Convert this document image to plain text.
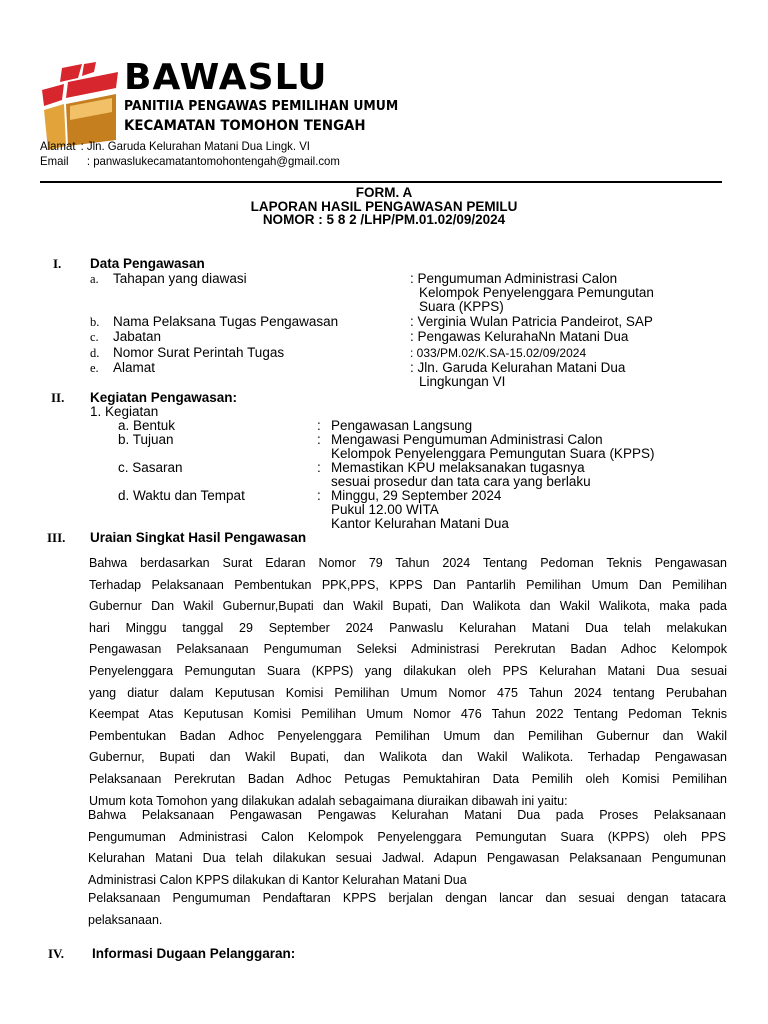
BAWASLU
PANITIIA PENGAWAS PEMILIHAN UMUM
KECAMATAN TOMOHON TENGAH
Alamat : Jln. Garuda Kelurahan Matani Dua Lingk. VI
Email : panwaslukecamatantomohontengah@gmail.com
FORM. A
LAPORAN HASIL PENGAWASAN PEMILU
NOMOR : 5 8 2 /LHP/PM.01.02/09/2024
I. Data Pengawasan
a. Tahapan yang diawasi	: Pengumuman Administrasi Calon
Kelompok Penyelenggara Pemungutan
Suara (KPPS)
b. Nama Pelaksana Tugas Pengawasan	: Verginia Wulan Patricia Pandeirot, SAP
c. Jabatan	: Pengawas KelurahaNn Matani Dua
d. Nomor Surat Perintah Tugas	: 033/PM.02/K.SA-15.02/09/2024
e. Alamat	: Jln. Garuda Kelurahan Matani Dua
Lingkungan VI
II. Kegiatan Pengawasan:
1. Kegiatan
a. Bentuk	: Pengawasan Langsung
b. Tujuan	: Mengawasi Pengumuman Administrasi Calon
Kelompok Penyelenggara Pemungutan Suara (KPPS)
c. Sasaran	: Memastikan KPU melaksanakan tugasnya
sesuai prosedur dan tata cara yang berlaku
d. Waktu dan Tempat	: Minggu, 29 September 2024
Pukul 12.00 WITA
Kantor Kelurahan Matani Dua
III. Uraian Singkat Hasil Pengawasan
Bahwa berdasarkan Surat Edaran Nomor 79 Tahun 2024 Tentang Pedoman Teknis Pengawasan
Terhadap Pelaksanaan Pembentukan PPK,PPS, KPPS Dan Pantarlih Pemilihan Umum Dan Pemilihan
Gubernur Dan Wakil Gubernur,Bupati dan Wakil Bupati, Dan Walikota dan Wakil Walikota, maka pada
hari Minggu tanggal 29 September 2024 Panwaslu Kelurahan Matani Dua telah melakukan
Pengawasan Pelaksanaan Pengumuman Seleksi Administrasi Perekrutan Badan Adhoc Kelompok
Penyelenggara Pemungutan Suara (KPPS) yang dilakukan oleh PPS Kelurahan Matani Dua sesuai
yang diatur dalam Keputusan Komisi Pemilihan Umum Nomor 475 Tahun 2024 tentang Perubahan
Keempat Atas Keputusan Komisi Pemilihan Umum Nomor 476 Tahun 2022 Tentang Pedoman Teknis
Pembentukan Badan Adhoc Penyelenggara Pemilihan Umum dan Pemilihan Gubernur dan Wakil
Gubernur, Bupati dan Wakil Bupati, dan Walikota dan Wakil Walikota. Terhadap Pengawasan
Pelaksanaan Perekrutan Badan Adhoc Petugas Pemuktahiran Data Pemilih oleh Komisi Pemilihan
Umum kota Tomohon yang dilakukan adalah sebagaimana diuraikan dibawah ini yaitu:
Bahwa Pelaksanaan Pengawasan Pengawas Kelurahan Matani Dua pada Proses Pelaksanaan
Pengumuman Administrasi Calon Kelompok Penyelenggara Pemungutan Suara (KPPS) oleh PPS
Kelurahan Matani Dua telah dilakukan sesuai Jadwal. Adapun Pengawasan Pelaksanaan Pengumunan
Administrasi Calon KPPS dilakukan di Kantor Kelurahan Matani Dua
Pelaksanaan Pengumuman Pendaftaran KPPS berjalan dengan lancar dan sesuai dengan tatacara
pelaksanaan.
IV. Informasi Dugaan Pelanggaran:
